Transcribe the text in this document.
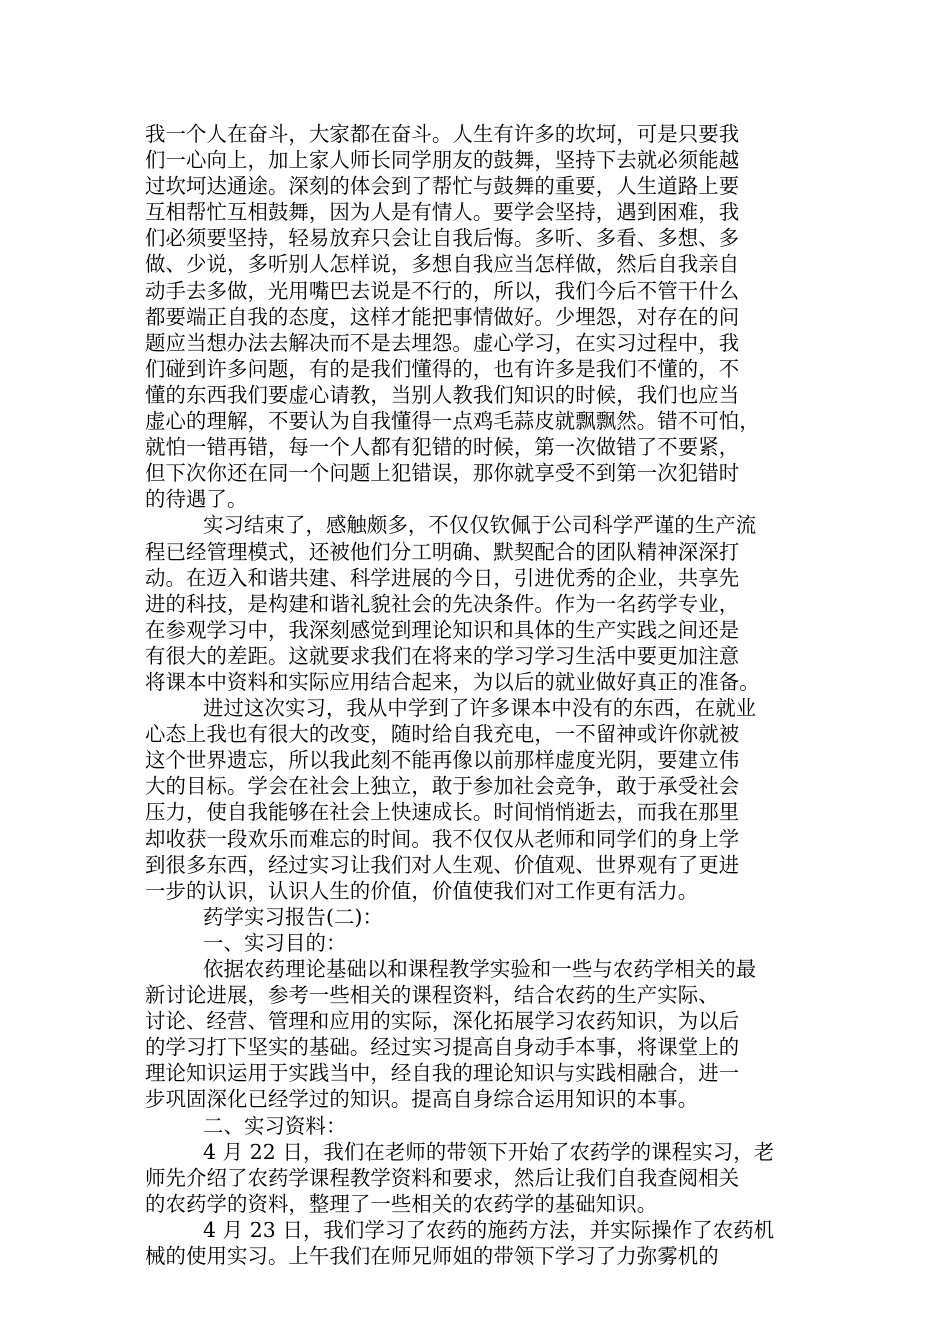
我一个人在奋斗，大家都在奋斗。人生有许多的坎坷，可是只要我
们一心向上，加上家人师长同学朋友的鼓舞，坚持下去就必须能越
过坎坷达通途。深刻的体会到了帮忙与鼓舞的重要，人生道路上要
互相帮忙互相鼓舞，因为人是有情人。要学会坚持，遇到困难，我
们必须要坚持，轻易放弃只会让自我后悔。多听、多看、多想、多
做、少说，多听别人怎样说，多想自我应当怎样做，然后自我亲自
动手去多做，光用嘴巴去说是不行的，所以，我们今后不管干什么
都要端正自我的态度，这样才能把事情做好。少埋怨，对存在的问
题应当想办法去解决而不是去埋怨。虚心学习，在实习过程中，我
们碰到许多问题，有的是我们懂得的，也有许多是我们不懂的，不
懂的东西我们要虚心请教，当别人教我们知识的时候，我们也应当
虚心的理解，不要认为自我懂得一点鸡毛蒜皮就飘飘然。错不可怕，
就怕一错再错，每一个人都有犯错的时候，第一次做错了不要紧，
但下次你还在同一个问题上犯错误，那你就享受不到第一次犯错时
的待遇了。
实习结束了，感触颇多，不仅仅钦佩于公司科学严谨的生产流
程已经管理模式，还被他们分工明确、默契配合的团队精神深深打
动。在迈入和谐共建、科学进展的今日，引进优秀的企业，共享先
进的科技，是构建和谐礼貌社会的先决条件。作为一名药学专业，
在参观学习中，我深刻感觉到理论知识和具体的生产实践之间还是
有很大的差距。这就要求我们在将来的学习学习生活中要更加注意
将课本中资料和实际应用结合起来，为以后的就业做好真正的准备。
进过这次实习，我从中学到了许多课本中没有的东西，在就业
心态上我也有很大的改变，随时给自我充电，一不留神或许你就被
这个世界遗忘，所以我此刻不能再像以前那样虚度光阴，要建立伟
大的目标。学会在社会上独立，敢于参加社会竞争，敢于承受社会
压力，使自我能够在社会上快速成长。时间悄悄逝去，而我在那里
却收获一段欢乐而难忘的时间。我不仅仅从老师和同学们的身上学
到很多东西，经过实习让我们对人生观、价值观、世界观有了更进
一步的认识，认识人生的价值，价值使我们对工作更有活力。
药学实习报告(二)：
一、实习目的：
依据农药理论基础以和课程教学实验和一些与农药学相关的最
新讨论进展，参考一些相关的课程资料，结合农药的生产实际、
讨论、经营、管理和应用的实际，深化拓展学习农药知识，为以后
的学习打下坚实的基础。经过实习提高自身动手本事，将课堂上的
理论知识运用于实践当中，经自我的理论知识与实践相融合，进一
步巩固深化已经学过的知识。提高自身综合运用知识的本事。
二、实习资料：
4 月 22 日，我们在老师的带领下开始了农药学的课程实习，老
师先介绍了农药学课程教学资料和要求，然后让我们自我查阅相关
的农药学的资料，整理了一些相关的农药学的基础知识。
4 月 23 日，我们学习了农药的施药方法，并实际操作了农药机
械的使用实习。上午我们在师兄师姐的带领下学习了力弥雾机的
